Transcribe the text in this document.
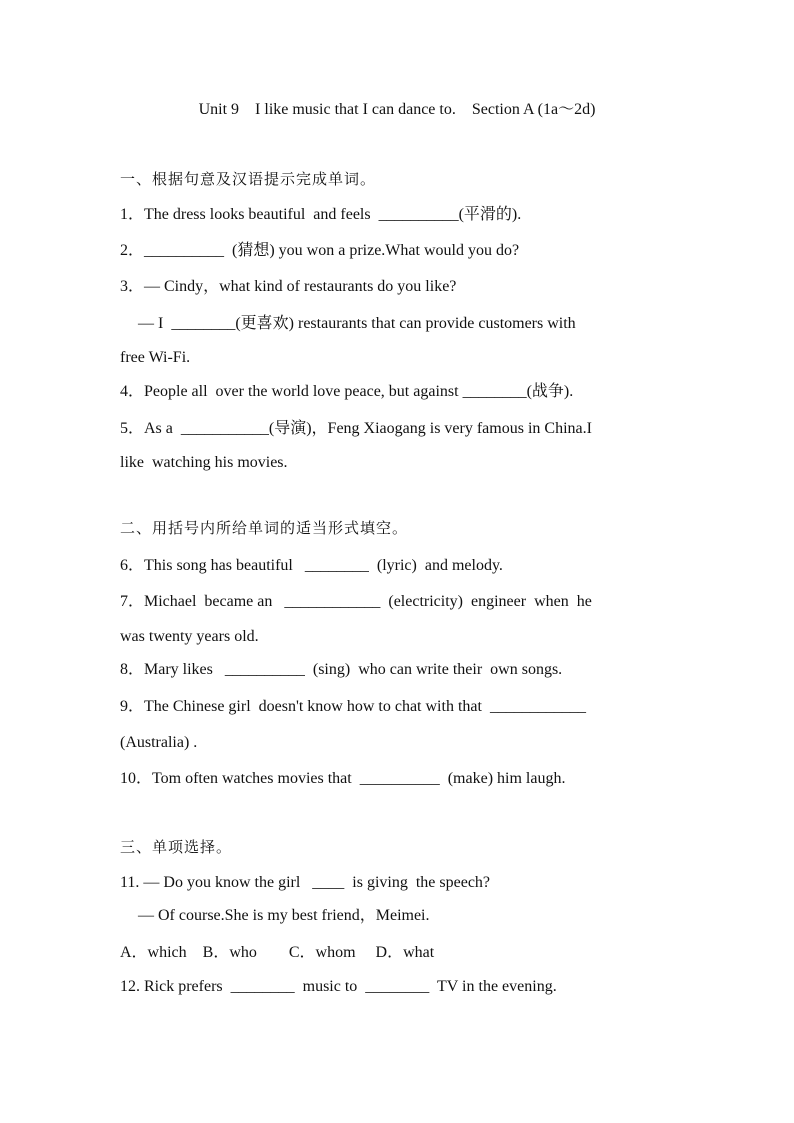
Unit 9    I like music that I can dance to.    Section A (1a～2d)
一、根据句意及汉语提示完成单词。
1．The dress looks beautiful  and feels  __________(平滑的).
2．__________  (猜想) you won a prize.What would you do?
3．— Cindy，what kind of restaurants do you like?
— I  ________(更喜欢) restaurants that can provide customers with
free Wi-Fi.
4．People all  over the world love peace, but against ________(战争).
5．As a  ___________(导演)，Feng Xiaogang is very famous in China.I
like  watching his movies.
二、用括号内所给单词的适当形式填空。
6．This song has beautiful   ________  (lyric)  and melody.
7．Michael  became an   ____________  (electricity)  engineer  when  he
was twenty years old.
8．Mary likes   __________  (sing)  who can write their  own songs.
9．The Chinese girl  doesn't know how to chat with that  ____________
(Australia) .
10．Tom often watches movies that  __________  (make) him laugh.
三、单项选择。
11. — Do you know the girl   ____  is giving  the speech?
— Of course.She is my best friend，Meimei.
A．which    B．who        C．whom     D．what
12. Rick prefers  ________  music to  ________  TV in the evening.
